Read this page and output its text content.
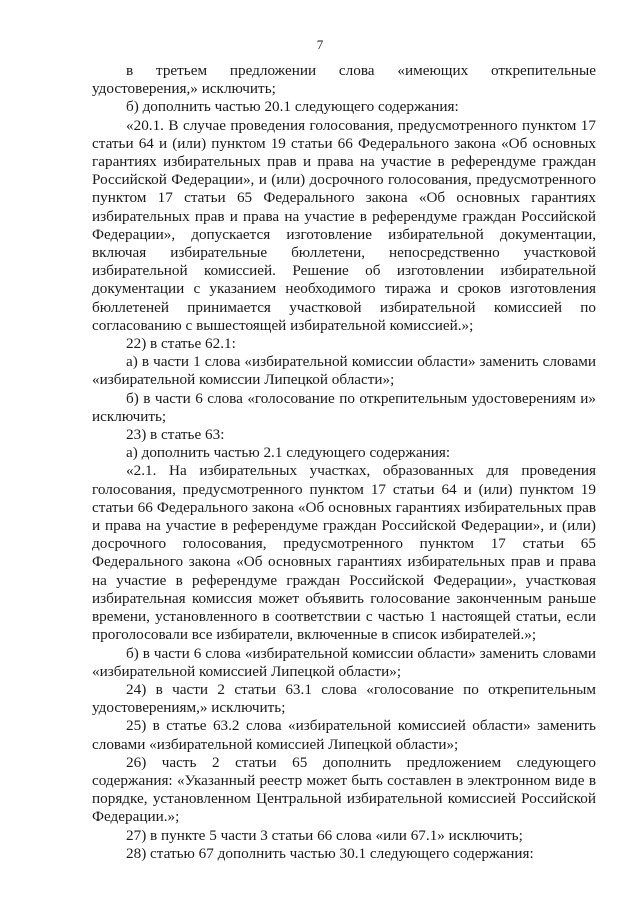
7

в третьем предложении слова «имеющих открепительные удостоверения,» исключить;

б) дополнить частью 20.1 следующего содержания:

«20.1. В случае проведения голосования, предусмотренного пунктом 17 статьи 64 и (или) пунктом 19 статьи 66 Федерального закона «Об основных гарантиях избирательных прав и права на участие в референдуме граждан Российской Федерации», и (или) досрочного голосования, предусмотренного пунктом 17 статьи 65 Федерального закона «Об основных гарантиях избирательных прав и права на участие в референдуме граждан Российской Федерации», допускается изготовление избирательной документации, включая избирательные бюллетени, непосредственно участковой избирательной комиссией. Решение об изготовлении избирательной документации с указанием необходимого тиража и сроков изготовления бюллетеней принимается участковой избирательной комиссией по согласованию с вышестоящей избирательной комиссией.»;

22) в статье 62.1:

а) в части 1 слова «избирательной комиссии области» заменить словами «избирательной комиссии Липецкой области»;

б) в части 6 слова «голосование по открепительным удостоверениям и» исключить;

23) в статье 63:

а) дополнить частью 2.1 следующего содержания:

«2.1. На избирательных участках, образованных для проведения голосования, предусмотренного пунктом 17 статьи 64 и (или) пунктом 19 статьи 66 Федерального закона «Об основных гарантиях избирательных прав и права на участие в референдуме граждан Российской Федерации», и (или) досрочного голосования, предусмотренного пунктом 17 статьи 65 Федерального закона «Об основных гарантиях избирательных прав и права на участие в референдуме граждан Российской Федерации», участковая избирательная комиссия может объявить голосование законченным раньше времени, установленного в соответствии с частью 1 настоящей статьи, если проголосовали все избиратели, включенные в список избирателей.»;

б) в части 6 слова «избирательной комиссии области» заменить словами «избирательной комиссией Липецкой области»;

24) в части 2 статьи 63.1 слова «голосование по открепительным удостоверениям,» исключить;

25) в статье 63.2 слова «избирательной комиссией области» заменить словами «избирательной комиссией Липецкой области»;

26) часть 2 статьи 65 дополнить предложением следующего содержания: «Указанный реестр может быть составлен в электронном виде в порядке, установленном Центральной избирательной комиссией Российской Федерации.»;

27) в пункте 5 части 3 статьи 66 слова «или 67.1» исключить;

28) статью 67 дополнить частью 30.1 следующего содержания:
